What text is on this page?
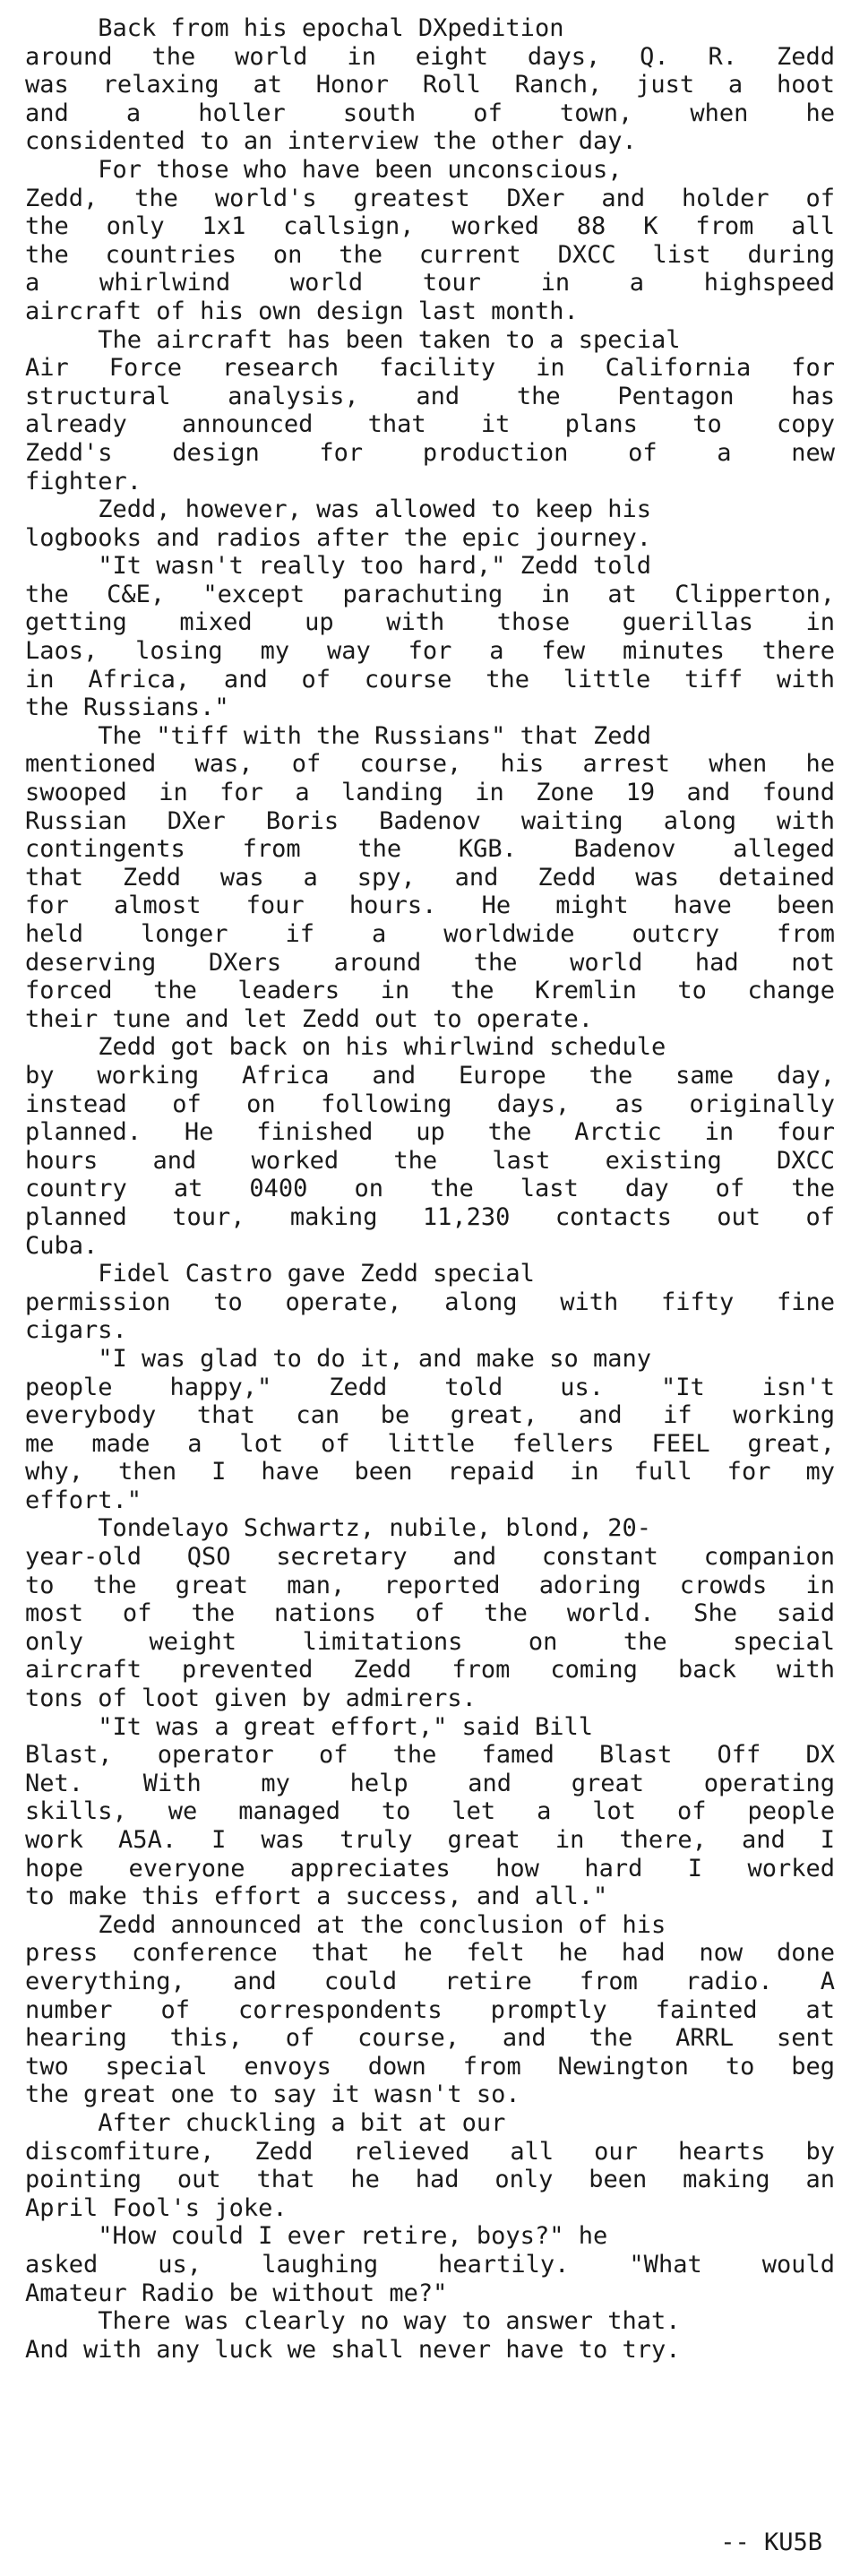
Back from his epochal DXpedition
around the world in eight days, Q. R. Zedd
was relaxing at Honor Roll Ranch, just a hoot
and a holler south of town, when he
considented to an interview the other day.
For those who have been unconscious,
Zedd, the world's greatest DXer and holder of
the only 1x1 callsign, worked 88 K from all
the countries on the current DXCC list during
a whirlwind world tour in a highspeed
aircraft of his own design last month.
The aircraft has been taken to a special
Air Force research facility in California for
structural analysis, and the Pentagon has
already announced that it plans to copy
Zedd's design for production of a new
fighter.
Zedd, however, was allowed to keep his
logbooks and radios after the epic journey.
"It wasn't really too hard," Zedd told
the C&E, "except parachuting in at Clipperton,
getting mixed up with those guerillas in
Laos, losing my way for a few minutes there
in Africa, and of course the little tiff with
the Russians."
The "tiff with the Russians" that Zedd
mentioned was, of course, his arrest when he
swooped in for a landing in Zone 19 and found
Russian DXer Boris Badenov waiting along with
contingents from the KGB. Badenov alleged
that Zedd was a spy, and Zedd was detained
for almost four hours. He might have been
held longer if a worldwide outcry from
deserving DXers around the world had not
forced the leaders in the Kremlin to change
their tune and let Zedd out to operate.
Zedd got back on his whirlwind schedule
by working Africa and Europe the same day,
instead of on following days, as originally
planned. He finished up the Arctic in four
hours and worked the last existing DXCC
country at 0400 on the last day of the
planned tour, making 11,230 contacts out of
Cuba.
Fidel Castro gave Zedd special
permission to operate, along with fifty fine
cigars.
"I was glad to do it, and make so many
people happy," Zedd told us. "It isn't
everybody that can be great, and if working
me made a lot of little fellers FEEL great,
why, then I have been repaid in full for my
effort."
Tondelayo Schwartz, nubile, blond, 20-
year-old QSO secretary and constant companion
to the great man, reported adoring crowds in
most of the nations of the world. She said
only weight limitations on the special
aircraft prevented Zedd from coming back with
tons of loot given by admirers.
"It was a great effort," said Bill
Blast, operator of the famed Blast Off DX
Net. With my help and great operating
skills, we managed to let a lot of people
work A5A. I was truly great in there, and I
hope everyone appreciates how hard I worked
to make this effort a success, and all."
Zedd announced at the conclusion of his
press conference that he felt he had now done
everything, and could retire from radio. A
number of correspondents promptly fainted at
hearing this, of course, and the ARRL sent
two special envoys down from Newington to beg
the great one to say it wasn't so.
After chuckling a bit at our
discomfiture, Zedd relieved all our hearts by
pointing out that he had only been making an
April Fool's joke.
"How could I ever retire, boys?" he
asked us, laughing heartily. "What would
Amateur Radio be without me?"
There was clearly no way to answer that.
And with any luck we shall never have to try.
-- KU5B
